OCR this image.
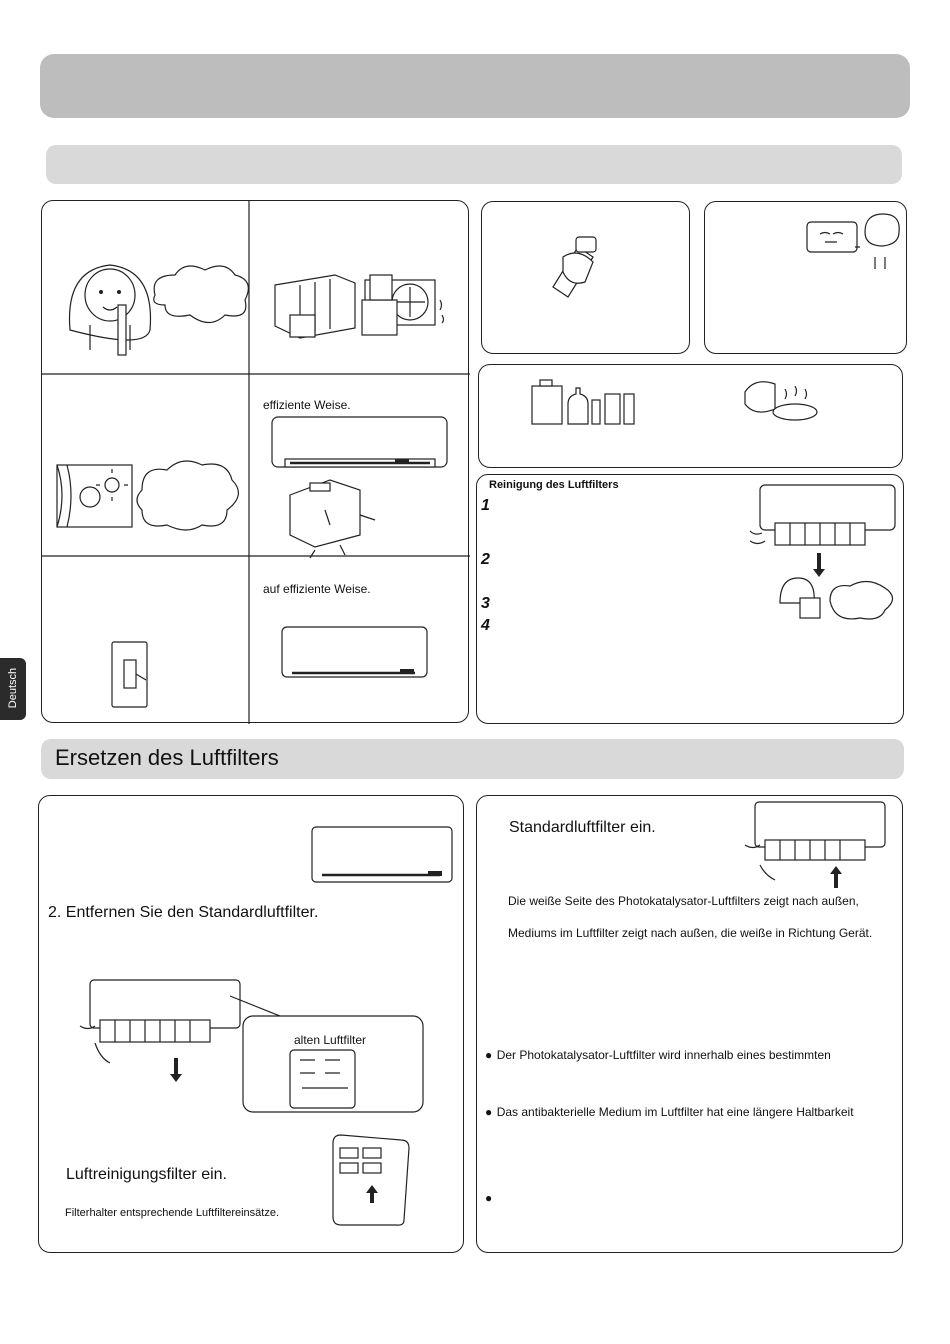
Deutsch
effiziente Weise.
auf effiziente Weise.
Reinigung des Luftfilters
1
2
3
4
Ersetzen des Luftfilters
2. Entfernen Sie den Standardluftfilter.
alten Luftfilter
Luftreinigungsfilter ein.
Filterhalter entsprechende Luftfiltereinsätze.
Standardluftfilter ein.
Die weiße Seite des Photokatalysator-Luftfilters zeigt nach außen,
Mediums im Luftfilter zeigt nach außen, die weiße in Richtung Gerät.
● Der Photokatalysator-Luftfilter wird innerhalb eines bestimmten
● Das antibakterielle Medium im Luftfilter hat eine längere Haltbarkeit
●
